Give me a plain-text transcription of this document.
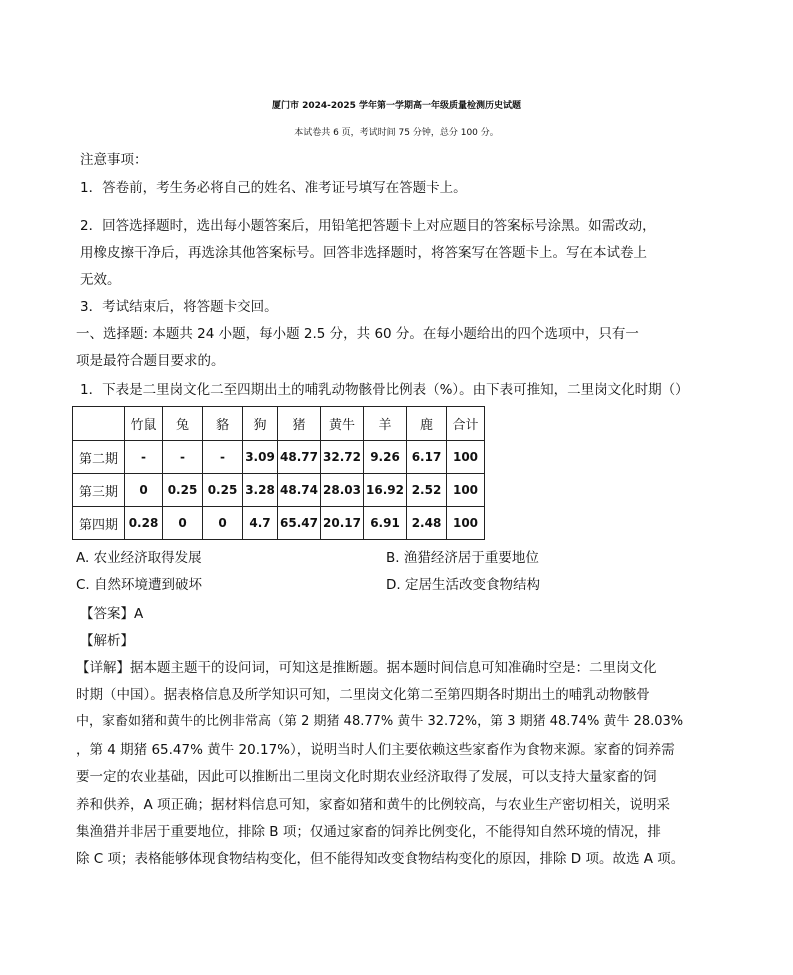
厦门市 2024-2025 学年第一学期高一年级质量检测历史试题
本试卷共 6 页，考试时间 75 分钟，总分 100 分。
注意事项：
1．答卷前，考生务必将自己的姓名、准考证号填写在答题卡上。
2．回答选择题时，选出每小题答案后，用铅笔把答题卡上对应题目的答案标号涂黑。如需改动，
用橡皮擦干净后，再选涂其他答案标号。回答非选择题时，将答案写在答题卡上。写在本试卷上
无效。
3．考试结束后，将答题卡交回。
一、选择题: 本题共 24 小题，每小题 2.5 分，共 60 分。在每小题给出的四个选项中，只有一
项是最符合题目要求的。
1．下表是二里岗文化二至四期出土的哺乳动物骸骨比例表（%）。由下表可推知，二里岗文化时期（）
	竹鼠	兔	貉	狗	猪	黄牛	羊	鹿	合计
第二期	-	-	-	3.09	48.77	32.72	9.26	6.17	100
第三期	0	0.25	0.25	3.28	48.74	28.03	16.92	2.52	100
第四期	0.28	0	0	4.7	65.47	20.17	6.91	2.48	100
A. 农业经济取得发展	B. 渔猎经济居于重要地位
C. 自然环境遭到破坏	D. 定居生活改变食物结构
【答案】A
【解析】
【详解】据本题主题干的设问词，可知这是推断题。据本题时间信息可知准确时空是：二里岗文化
时期（中国）。据表格信息及所学知识可知，二里岗文化第二至第四期各时期出土的哺乳动物骸骨
中，家畜如猪和黄牛的比例非常高（第 2 期猪 48.77% 黄牛 32.72%，第 3 期猪 48.74% 黄牛 28.03%
，第 4 期猪 65.47% 黄牛 20.17%），说明当时人们主要依赖这些家畜作为食物来源。家畜的饲养需
要一定的农业基础，因此可以推断出二里岗文化时期农业经济取得了发展，可以支持大量家畜的饲
养和供养，A 项正确；据材料信息可知，家畜如猪和黄牛的比例较高，与农业生产密切相关，说明采
集渔猎并非居于重要地位，排除 B 项；仅通过家畜的饲养比例变化，不能得知自然环境的情况，排
除 C 项；表格能够体现食物结构变化，但不能得知改变食物结构变化的原因，排除 D 项。故选 A 项。
